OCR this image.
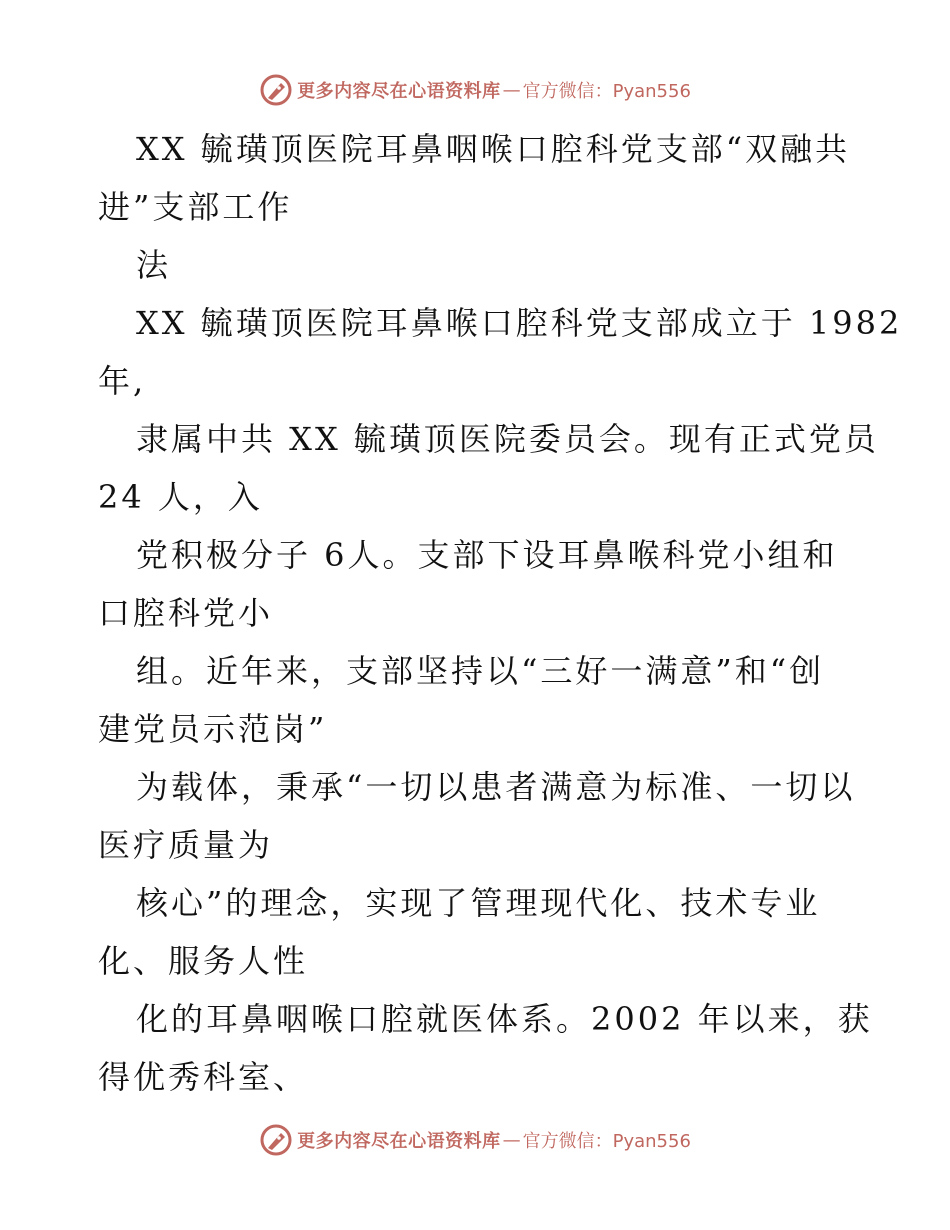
更多内容尽在心语资料库 — 官方微信：Pyan556
XX 毓璜顶医院耳鼻咽喉口腔科党支部“双融共
进”支部工作
法
XX 毓璜顶医院耳鼻喉口腔科党支部成立于 1982
年,
隶属中共 XX 毓璜顶医院委员会。现有正式党员
24 人，入
党积极分子 6人。支部下设耳鼻喉科党小组和
口腔科党小
组。近年来，支部坚持以“三好一满意”和“创
建党员示范岗”
为载体，秉承“一切以患者满意为标准、一切以
医疗质量为
核心”的理念，实现了管理现代化、技术专业
化、服务人性
化的耳鼻咽喉口腔就医体系。2002 年以来，获
得优秀科室、
更多内容尽在心语资料库 — 官方微信：Pyan556
